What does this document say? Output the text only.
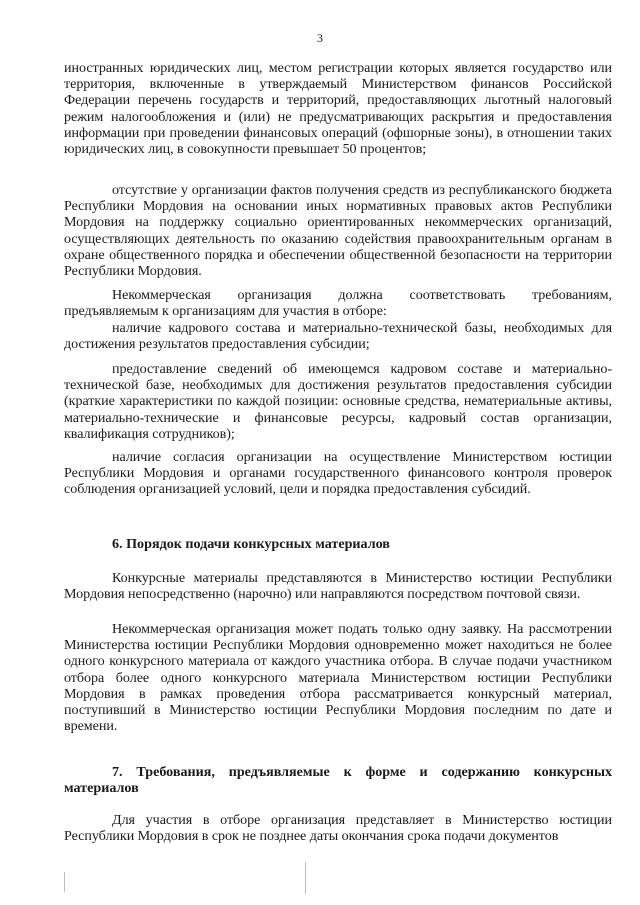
3

иностранных юридических лиц, местом регистрации которых является государство или территория, включенные в утверждаемый Министерством финансов Российской Федерации перечень государств и территорий, предоставляющих льготный налоговый режим налогообложения и (или) не предусматривающих раскрытия и предоставления информации при проведении финансовых операций (офшорные зоны), в отношении таких юридических лиц, в совокупности превышает 50 процентов;

отсутствие у организации фактов получения средств из республиканского бюджета Республики Мордовия на основании иных нормативных правовых актов Республики Мордовия на поддержку социально ориентированных некоммерческих организаций, осуществляющих деятельность по оказанию содействия правоохранительным органам в охране общественного порядка и обеспечении общественной безопасности на территории Республики Мордовия.

Некоммерческая организация должна соответствовать требованиям, предъявляемым к организациям для участия в отборе:

наличие кадрового состава и материально-технической базы, необходимых для достижения результатов предоставления субсидии;

предоставление сведений об имеющемся кадровом составе и материально-технической базе, необходимых для достижения результатов предоставления субсидии (краткие характеристики по каждой позиции: основные средства, нематериальные активы, материально-технические и финансовые ресурсы, кадровый состав организации, квалификация сотрудников);

наличие согласия организации на осуществление Министерством юстиции Республики Мордовия и органами государственного финансового контроля проверок соблюдения организацией условий, цели и порядка предоставления субсидий.

6. Порядок подачи конкурсных материалов

Конкурсные материалы представляются в Министерство юстиции Республики Мордовия непосредственно (нарочно) или направляются посредством почтовой связи.

Некоммерческая организация может подать только одну заявку. На рассмотрении Министерства юстиции Республики Мордовия одновременно может находиться не более одного конкурсного материала от каждого участника отбора. В случае подачи участником отбора более одного конкурсного материала Министерством юстиции Республики Мордовия в рамках проведения отбора рассматривается конкурсный материал, поступивший в Министерство юстиции Республики Мордовия последним по дате и времени.

7. Требования, предъявляемые к форме и содержанию конкурсных материалов

Для участия в отборе организация представляет в Министерство юстиции Республики Мордовия в срок не позднее даты окончания срока подачи документов
